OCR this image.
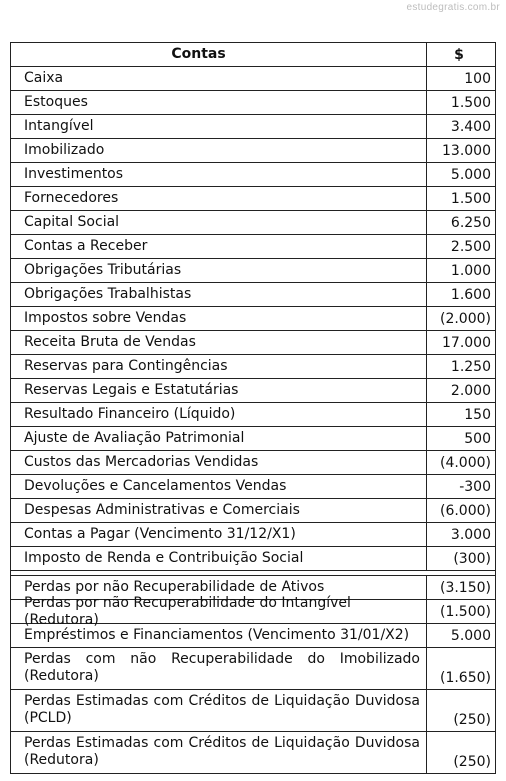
estudegratis.com.br
Contas	$
Caixa	100
Estoques	1.500
Intangível	3.400
Imobilizado	13.000
Investimentos	5.000
Fornecedores	1.500
Capital Social	6.250
Contas a Receber	2.500
Obrigações Tributárias	1.000
Obrigações Trabalhistas	1.600
Impostos sobre Vendas	(2.000)
Receita Bruta de Vendas	17.000
Reservas para Contingências	1.250
Reservas Legais e Estatutárias	2.000
Resultado Financeiro (Líquido)	150
Ajuste de Avaliação Patrimonial	500
Custos das Mercadorias Vendidas	(4.000)
Devoluções e Cancelamentos Vendas	-300
Despesas Administrativas e Comerciais	(6.000)
Contas a Pagar (Vencimento 31/12/X1)	3.000
Imposto de Renda e Contribuição Social	(300)
Perdas por não Recuperabilidade de Ativos	(3.150)
Perdas por não Recuperabilidade do Intangível (Redutora)	(1.500)
Empréstimos e Financiamentos (Vencimento 31/01/X2)	5.000
Perdas com não Recuperabilidade do Imobilizado (Redutora)	(1.650)
Perdas Estimadas com Créditos de Liquidação Duvidosa (PCLD)	(250)
Perdas Estimadas com Créditos de Liquidação Duvidosa (Redutora)	(250)
